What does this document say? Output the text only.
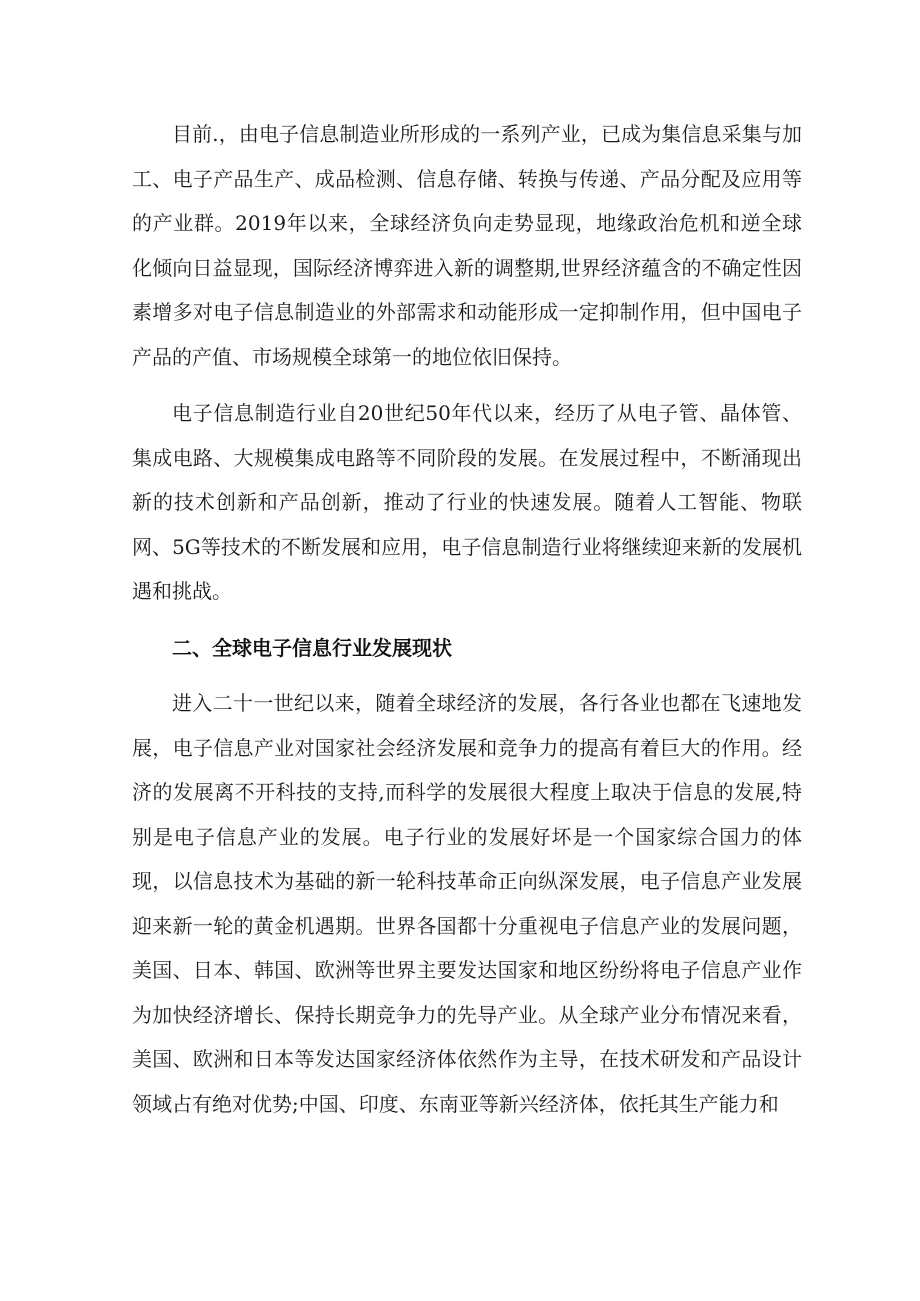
目前.，由电子信息制造业所形成的一系列产业，已成为集信息采集与加工、电子产品生产、成品检测、信息存储、转换与传递、产品分配及应用等的产业群。2019年以来，全球经济负向走势显现，地缘政治危机和逆全球化倾向日益显现，国际经济博弈进入新的调整期,世界经济蕴含的不确定性因素增多对电子信息制造业的外部需求和动能形成一定抑制作用，但中国电子产品的产值、市场规模全球第一的地位依旧保持。

电子信息制造行业自20世纪50年代以来，经历了从电子管、晶体管、集成电路、大规模集成电路等不同阶段的发展。在发展过程中，不断涌现出新的技术创新和产品创新，推动了行业的快速发展。随着人工智能、物联网、5G等技术的不断发展和应用，电子信息制造行业将继续迎来新的发展机遇和挑战。

二、全球电子信息行业发展现状

进入二十一世纪以来，随着全球经济的发展，各行各业也都在飞速地发展，电子信息产业对国家社会经济发展和竞争力的提高有着巨大的作用。经济的发展离不开科技的支持,而科学的发展很大程度上取决于信息的发展,特别是电子信息产业的发展。电子行业的发展好坏是一个国家综合国力的体现，以信息技术为基础的新一轮科技革命正向纵深发展，电子信息产业发展迎来新一轮的黄金机遇期。世界各国都十分重视电子信息产业的发展问题，美国、日本、韩国、欧洲等世界主要发达国家和地区纷纷将电子信息产业作为加快经济增长、保持长期竞争力的先导产业。从全球产业分布情况来看，美国、欧洲和日本等发达国家经济体依然作为主导，在技术研发和产品设计领域占有绝对优势;中国、印度、东南亚等新兴经济体，依托其生产能力和
